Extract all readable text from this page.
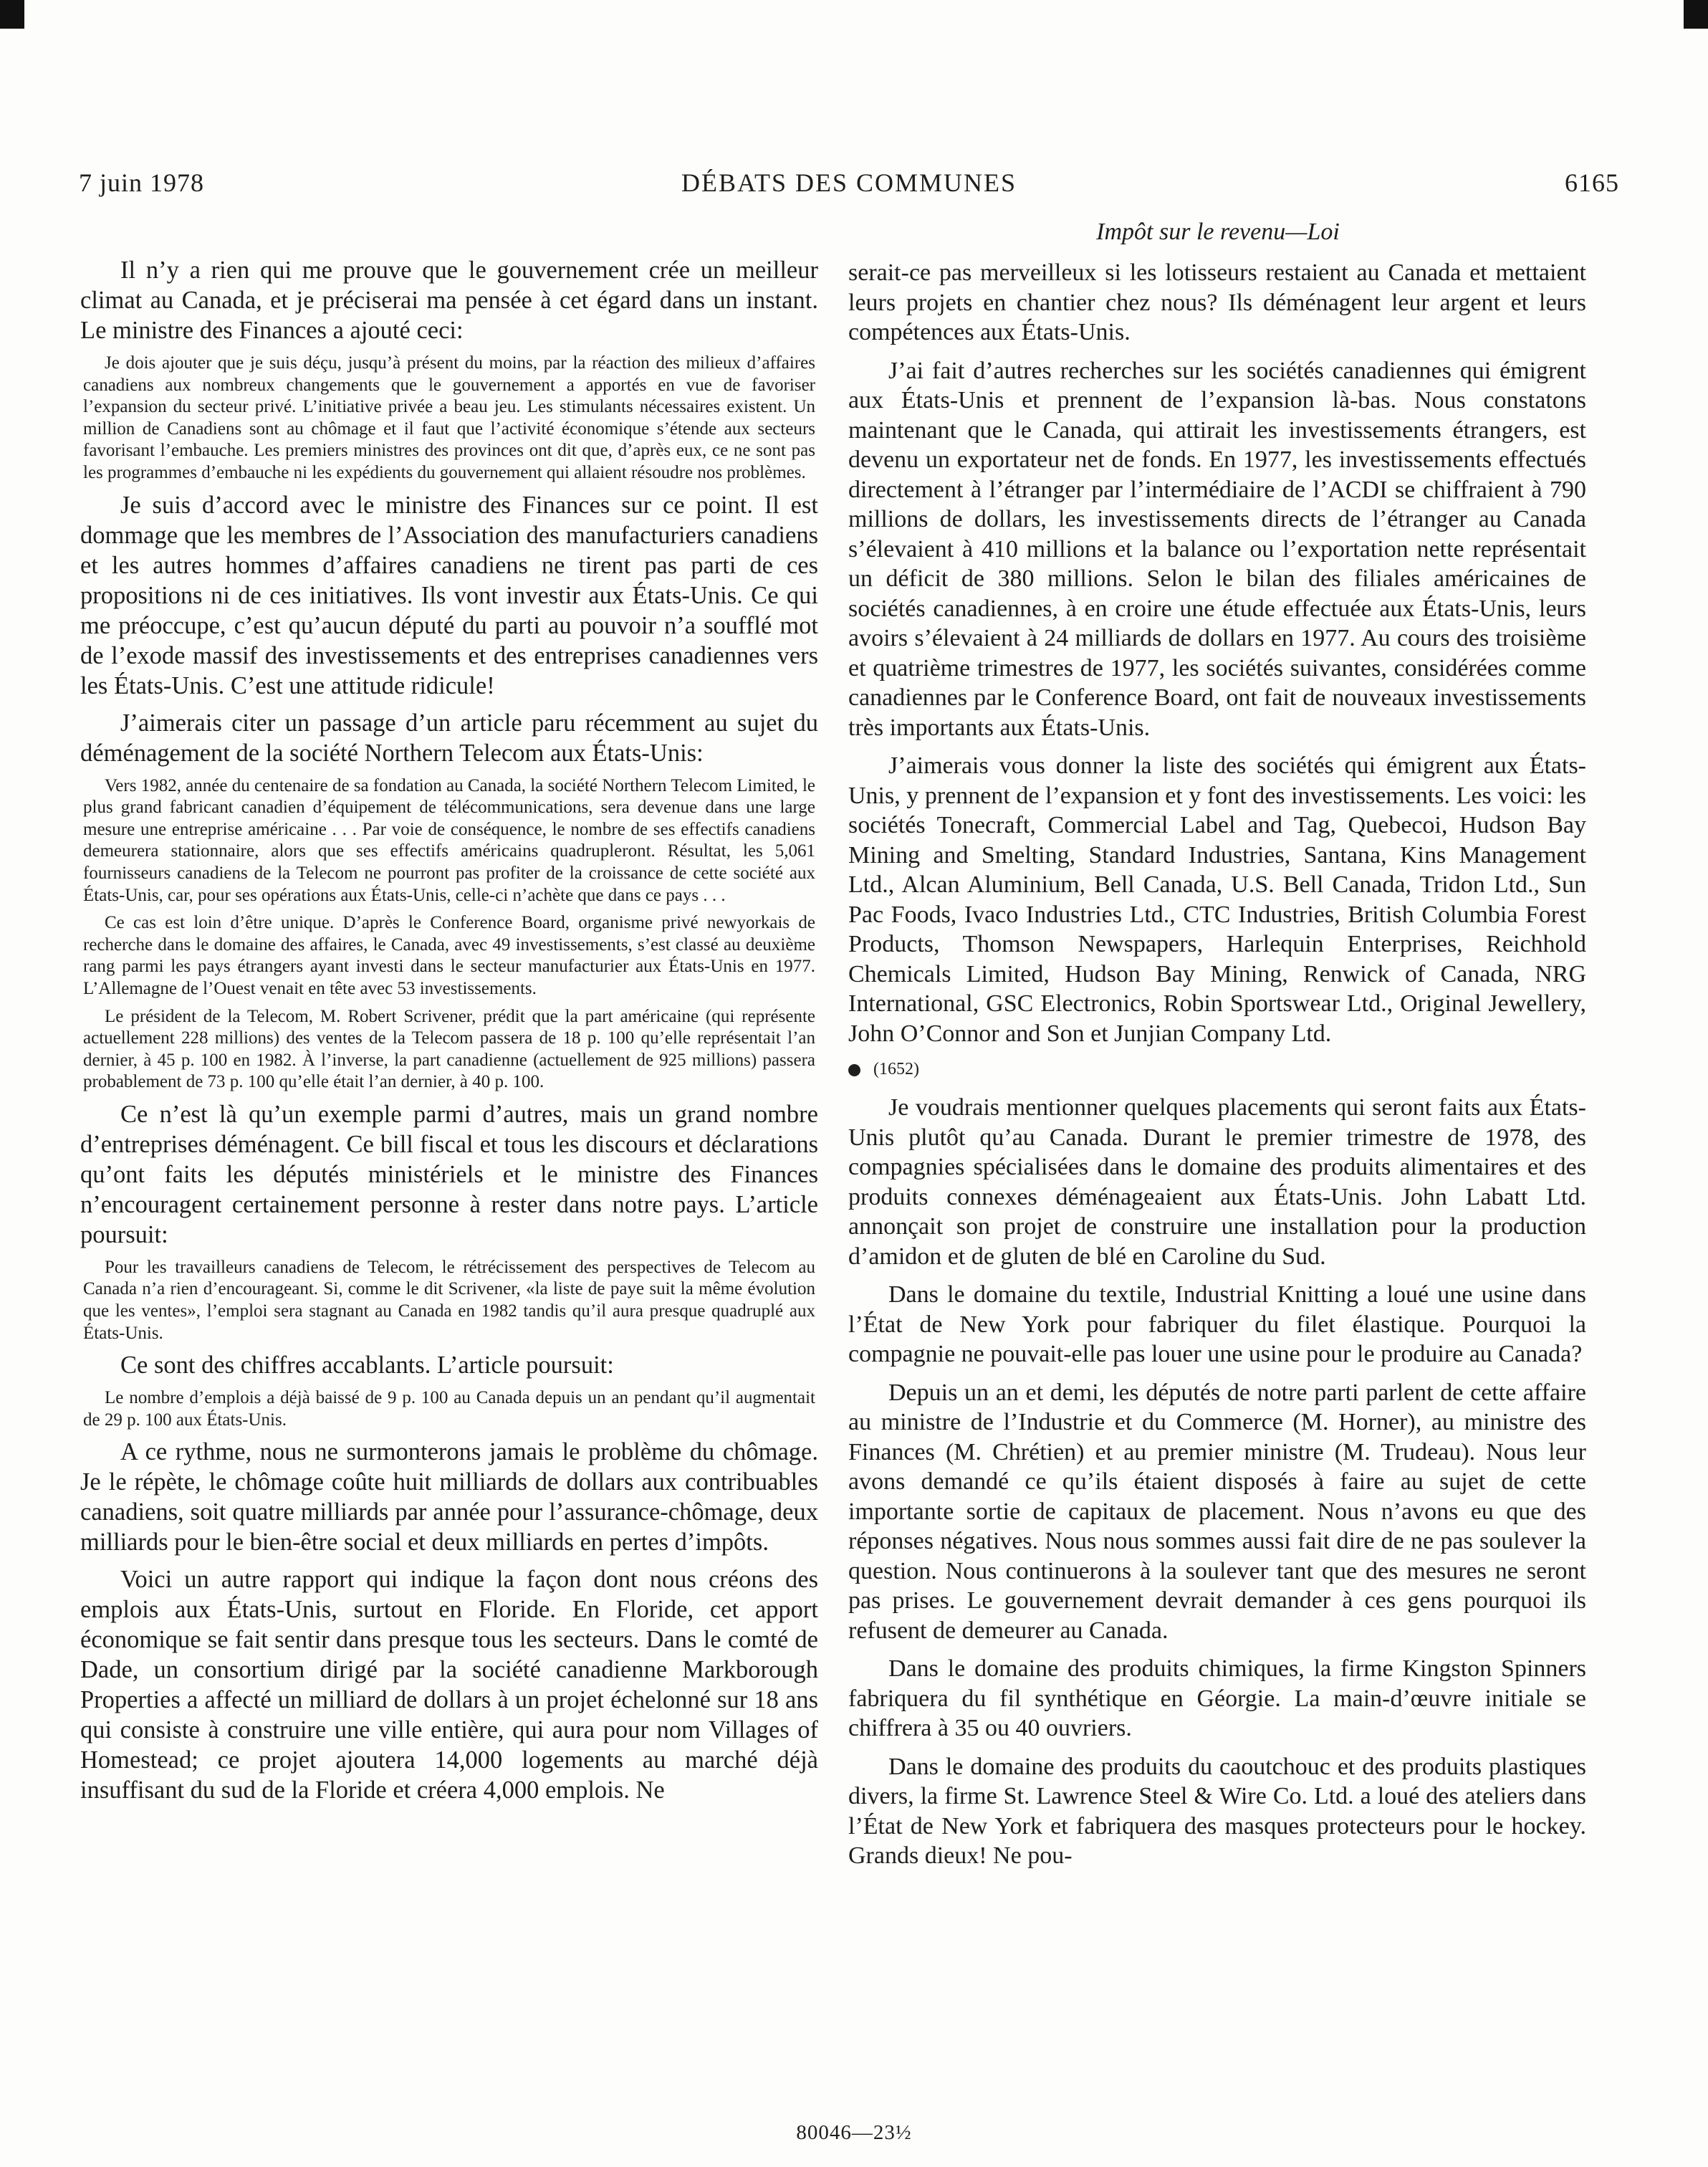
7 juin 1978	DÉBATS DES COMMUNES	6165
Impôt sur le revenu—Loi

Il n’y a rien qui me prouve que le gouvernement crée un meilleur climat au Canada, et je préciserai ma pensée à cet égard dans un instant. Le ministre des Finances a ajouté ceci:

Je dois ajouter que je suis déçu, jusqu’à présent du moins, par la réaction des milieux d’affaires canadiens aux nombreux changements que le gouvernement a apportés en vue de favoriser l’expansion du secteur privé. L’initiative privée a beau jeu. Les stimulants nécessaires existent. Un million de Canadiens sont au chômage et il faut que l’activité économique s’étende aux secteurs favorisant l’embauche. Les premiers ministres des provinces ont dit que, d’après eux, ce ne sont pas les programmes d’embauche ni les expédients du gouvernement qui allaient résoudre nos problèmes.

Je suis d’accord avec le ministre des Finances sur ce point. Il est dommage que les membres de l’Association des manufacturiers canadiens et les autres hommes d’affaires canadiens ne tirent pas parti de ces propositions ni de ces initiatives. Ils vont investir aux États-Unis. Ce qui me préoccupe, c’est qu’aucun député du parti au pouvoir n’a soufflé mot de l’exode massif des investissements et des entreprises canadiennes vers les États-Unis. C’est une attitude ridicule!

J’aimerais citer un passage d’un article paru récemment au sujet du déménagement de la société Northern Telecom aux États-Unis:

Vers 1982, année du centenaire de sa fondation au Canada, la société Northern Telecom Limited, le plus grand fabricant canadien d’équipement de télécommunications, sera devenue dans une large mesure une entreprise américaine . . . Par voie de conséquence, le nombre de ses effectifs canadiens demeurera stationnaire, alors que ses effectifs américains quadrupleront. Résultat, les 5,061 fournisseurs canadiens de la Telecom ne pourront pas profiter de la croissance de cette société aux États-Unis, car, pour ses opérations aux États-Unis, celle-ci n’achète que dans ce pays . . .

Ce cas est loin d’être unique. D’après le Conference Board, organisme privé newyorkais de recherche dans le domaine des affaires, le Canada, avec 49 investissements, s’est classé au deuxième rang parmi les pays étrangers ayant investi dans le secteur manufacturier aux États-Unis en 1977. L’Allemagne de l’Ouest venait en tête avec 53 investissements.

Le président de la Telecom, M. Robert Scrivener, prédit que la part américaine (qui représente actuellement 228 millions) des ventes de la Telecom passera de 18 p. 100 qu’elle représentait l’an dernier, à 45 p. 100 en 1982. À l’inverse, la part canadienne (actuellement de 925 millions) passera probablement de 73 p. 100 qu’elle était l’an dernier, à 40 p. 100.

Ce n’est là qu’un exemple parmi d’autres, mais un grand nombre d’entreprises déménagent. Ce bill fiscal et tous les discours et déclarations qu’ont faits les députés ministériels et le ministre des Finances n’encouragent certainement personne à rester dans notre pays. L’article poursuit:

Pour les travailleurs canadiens de Telecom, le rétrécissement des perspectives de Telecom au Canada n’a rien d’encourageant. Si, comme le dit Scrivener, «la liste de paye suit la même évolution que les ventes», l’emploi sera stagnant au Canada en 1982 tandis qu’il aura presque quadruplé aux États-Unis.

Ce sont des chiffres accablants. L’article poursuit:

Le nombre d’emplois a déjà baissé de 9 p. 100 au Canada depuis un an pendant qu’il augmentait de 29 p. 100 aux États-Unis.

A ce rythme, nous ne surmonterons jamais le problème du chômage. Je le répète, le chômage coûte huit milliards de dollars aux contribuables canadiens, soit quatre milliards par année pour l’assurance-chômage, deux milliards pour le bien-être social et deux milliards en pertes d’impôts.

Voici un autre rapport qui indique la façon dont nous créons des emplois aux États-Unis, surtout en Floride. En Floride, cet apport économique se fait sentir dans presque tous les secteurs. Dans le comté de Dade, un consortium dirigé par la société canadienne Markborough Properties a affecté un milliard de dollars à un projet échelonné sur 18 ans qui consiste à construire une ville entière, qui aura pour nom Villages of Homestead; ce projet ajoutera 14,000 logements au marché déjà insuffisant du sud de la Floride et créera 4,000 emplois. Ne

serait-ce pas merveilleux si les lotisseurs restaient au Canada et mettaient leurs projets en chantier chez nous? Ils déménagent leur argent et leurs compétences aux États-Unis.

J’ai fait d’autres recherches sur les sociétés canadiennes qui émigrent aux États-Unis et prennent de l’expansion là-bas. Nous constatons maintenant que le Canada, qui attirait les investissements étrangers, est devenu un exportateur net de fonds. En 1977, les investissements effectués directement à l’étranger par l’intermédiaire de l’ACDI se chiffraient à 790 millions de dollars, les investissements directs de l’étranger au Canada s’élevaient à 410 millions et la balance ou l’exportation nette représentait un déficit de 380 millions. Selon le bilan des filiales américaines de sociétés canadiennes, à en croire une étude effectuée aux États-Unis, leurs avoirs s’élevaient à 24 milliards de dollars en 1977. Au cours des troisième et quatrième trimestres de 1977, les sociétés suivantes, considérées comme canadiennes par le Conference Board, ont fait de nouveaux investissements très importants aux États-Unis.

J’aimerais vous donner la liste des sociétés qui émigrent aux États-Unis, y prennent de l’expansion et y font des investissements. Les voici: les sociétés Tonecraft, Commercial Label and Tag, Quebecoi, Hudson Bay Mining and Smelting, Standard Industries, Santana, Kins Management Ltd., Alcan Aluminium, Bell Canada, U.S. Bell Canada, Tridon Ltd., Sun Pac Foods, Ivaco Industries Ltd., CTC Industries, British Columbia Forest Products, Thomson Newspapers, Harlequin Enterprises, Reichhold Chemicals Limited, Hudson Bay Mining, Renwick of Canada, NRG International, GSC Electronics, Robin Sportswear Ltd., Original Jewellery, John O’Connor and Son et Junjian Company Ltd.

(1652)

Je voudrais mentionner quelques placements qui seront faits aux États-Unis plutôt qu’au Canada. Durant le premier trimestre de 1978, des compagnies spécialisées dans le domaine des produits alimentaires et des produits connexes déménageaient aux États-Unis. John Labatt Ltd. annonçait son projet de construire une installation pour la production d’amidon et de gluten de blé en Caroline du Sud.

Dans le domaine du textile, Industrial Knitting a loué une usine dans l’État de New York pour fabriquer du filet élastique. Pourquoi la compagnie ne pouvait-elle pas louer une usine pour le produire au Canada?

Depuis un an et demi, les députés de notre parti parlent de cette affaire au ministre de l’Industrie et du Commerce (M. Horner), au ministre des Finances (M. Chrétien) et au premier ministre (M. Trudeau). Nous leur avons demandé ce qu’ils étaient disposés à faire au sujet de cette importante sortie de capitaux de placement. Nous n’avons eu que des réponses négatives. Nous nous sommes aussi fait dire de ne pas soulever la question. Nous continuerons à la soulever tant que des mesures ne seront pas prises. Le gouvernement devrait demander à ces gens pourquoi ils refusent de demeurer au Canada.

Dans le domaine des produits chimiques, la firme Kingston Spinners fabriquera du fil synthétique en Géorgie. La main-d’œuvre initiale se chiffrera à 35 ou 40 ouvriers.

Dans le domaine des produits du caoutchouc et des produits plastiques divers, la firme St. Lawrence Steel & Wire Co. Ltd. a loué des ateliers dans l’État de New York et fabriquera des masques protecteurs pour le hockey. Grands dieux! Ne pou-

80046—23½
